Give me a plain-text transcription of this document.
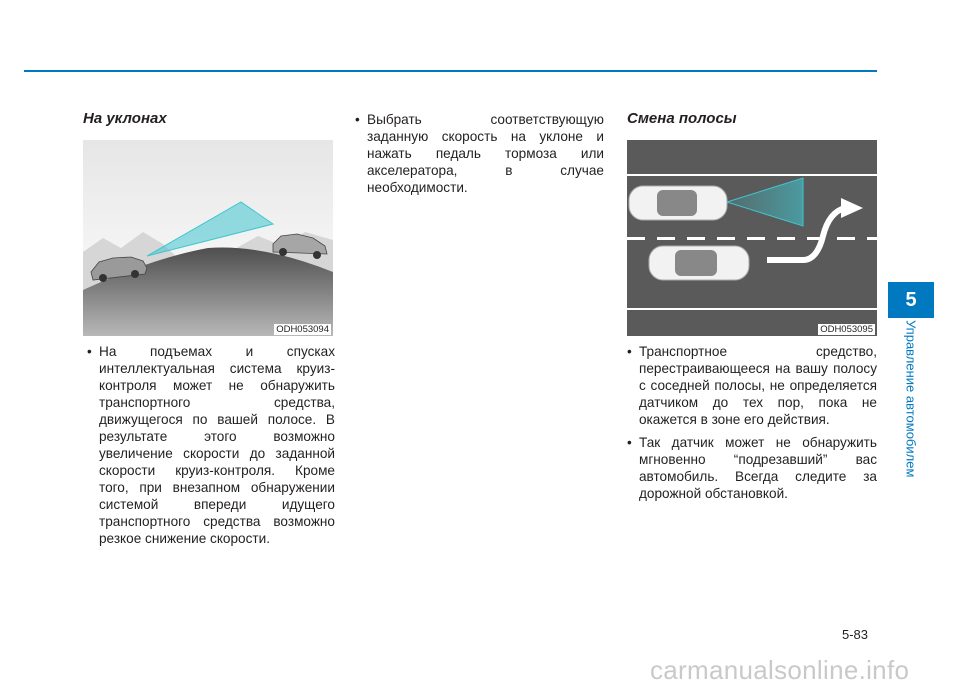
На уклонах
ODH053094
• На подъемах и спусках интеллектуальная система круиз-контроля может не обнаружить транспортного средства, движущегося по вашей полосе. В результате этого возможно увеличение скорости до заданной скорости круиз-контроля. Кроме того, при внезапном обнаружении системой впереди идущего транспортного средства возможно резкое снижение скорости.
• Выбрать соответствующую заданную скорость на уклоне и нажать педаль тормоза или акселератора, в случае необходимости.
Смена полосы
ODH053095
• Транспортное средство, перестраивающееся на вашу полосу с соседней полосы, не определяется датчиком до тех пор, пока не окажется в зоне его действия.
• Так датчик может не обнаружить мгновенно “подрезавший” вас автомобиль. Всегда следите за дорожной обстановкой.
5
Управление автомобилем
5-83
carmanualsonline.info
